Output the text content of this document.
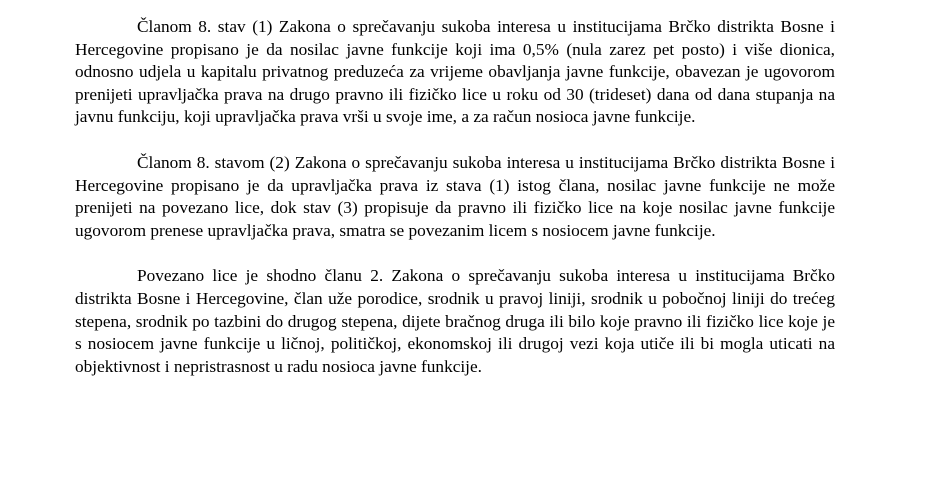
Članom 8. stav (1) Zakona o sprečavanju sukoba interesa u institucijama Brčko distrikta Bosne i Hercegovine propisano je da nosilac javne funkcije koji ima 0,5% (nula zarez pet posto) i više dionica, odnosno udjela u kapitalu privatnog preduzeća za vrijeme obavljanja javne funkcije, obavezan je ugovorom prenijeti upravljačka prava na drugo pravno ili fizičko lice u roku od 30 (trideset) dana od dana stupanja na javnu funkciju, koji upravljačka prava vrši u svoje ime, a za račun nosioca javne funkcije.

Članom 8. stavom (2) Zakona o sprečavanju sukoba interesa u institucijama Brčko distrikta Bosne i Hercegovine propisano je da upravljačka prava iz stava (1) istog člana, nosilac javne funkcije ne može prenijeti na povezano lice, dok stav (3) propisuje da pravno ili fizičko lice na koje nosilac javne funkcije ugovorom prenese upravljačka prava, smatra se povezanim licem s nosiocem javne funkcije.

Povezano lice je shodno članu 2. Zakona o sprečavanju sukoba interesa u institucijama Brčko distrikta Bosne i Hercegovine, član uže porodice, srodnik u pravoj liniji, srodnik u pobočnoj liniji do trećeg stepena, srodnik po tazbini do drugog stepena, dijete bračnog druga ili bilo koje pravno ili fizičko lice koje je s nosiocem javne funkcije u ličnoj, političkoj, ekonomskoj ili drugoj vezi koja utiče ili bi mogla uticati na objektivnost i nepristrasnost u radu nosioca javne funkcije.
